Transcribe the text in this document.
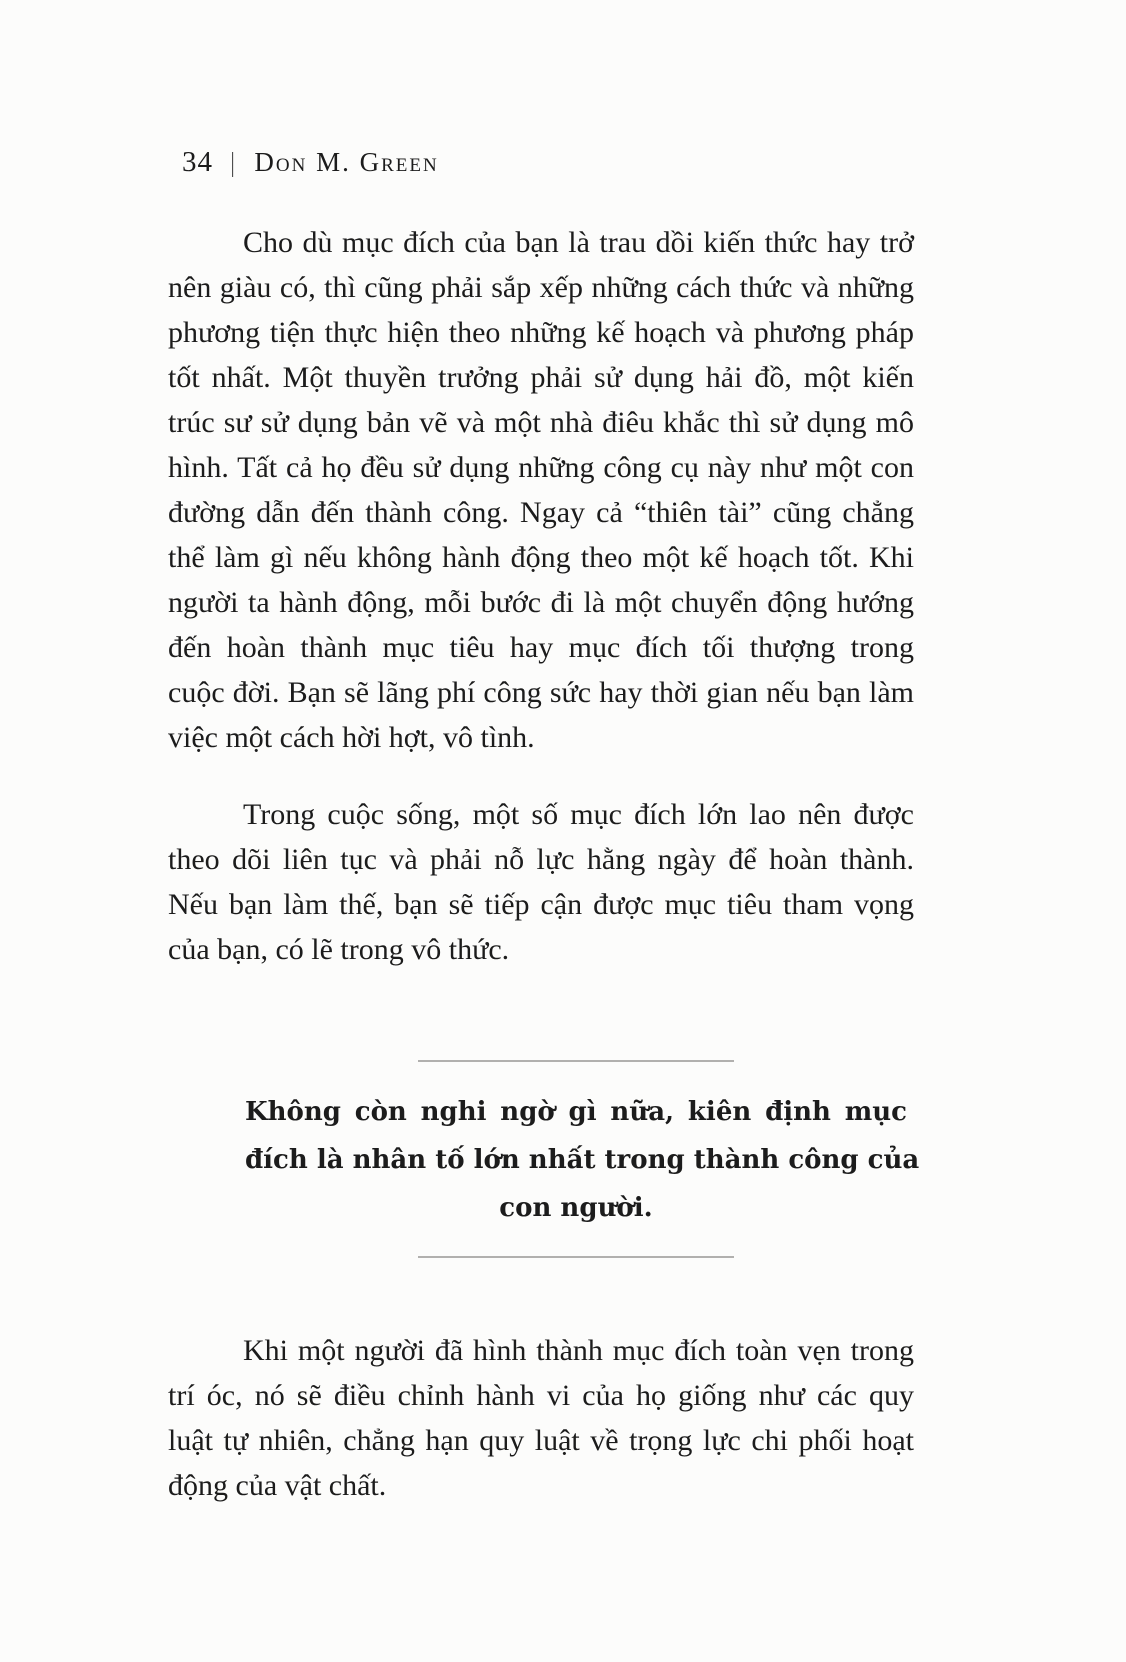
34 | Don M. Green
Cho dù mục đích của bạn là trau dồi kiến thức hay trở
nên giàu có, thì cũng phải sắp xếp những cách thức và những
phương tiện thực hiện theo những kế hoạch và phương pháp
tốt nhất. Một thuyền trưởng phải sử dụng hải đồ, một kiến
trúc sư sử dụng bản vẽ và một nhà điêu khắc thì sử dụng mô
hình. Tất cả họ đều sử dụng những công cụ này như một con
đường dẫn đến thành công. Ngay cả “thiên tài” cũng chẳng
thể làm gì nếu không hành động theo một kế hoạch tốt. Khi
người ta hành động, mỗi bước đi là một chuyển động hướng
đến hoàn thành mục tiêu hay mục đích tối thượng trong
cuộc đời. Bạn sẽ lãng phí công sức hay thời gian nếu bạn làm
việc một cách hời hợt, vô tình.
Trong cuộc sống, một số mục đích lớn lao nên được
theo dõi liên tục và phải nỗ lực hằng ngày để hoàn thành.
Nếu bạn làm thế, bạn sẽ tiếp cận được mục tiêu tham vọng
của bạn, có lẽ trong vô thức.
Không còn nghi ngờ gì nữa, kiên định mục
đích là nhân tố lớn nhất trong thành công của
con người.
Khi một người đã hình thành mục đích toàn vẹn trong
trí óc, nó sẽ điều chỉnh hành vi của họ giống như các quy
luật tự nhiên, chẳng hạn quy luật về trọng lực chi phối hoạt
động của vật chất.
